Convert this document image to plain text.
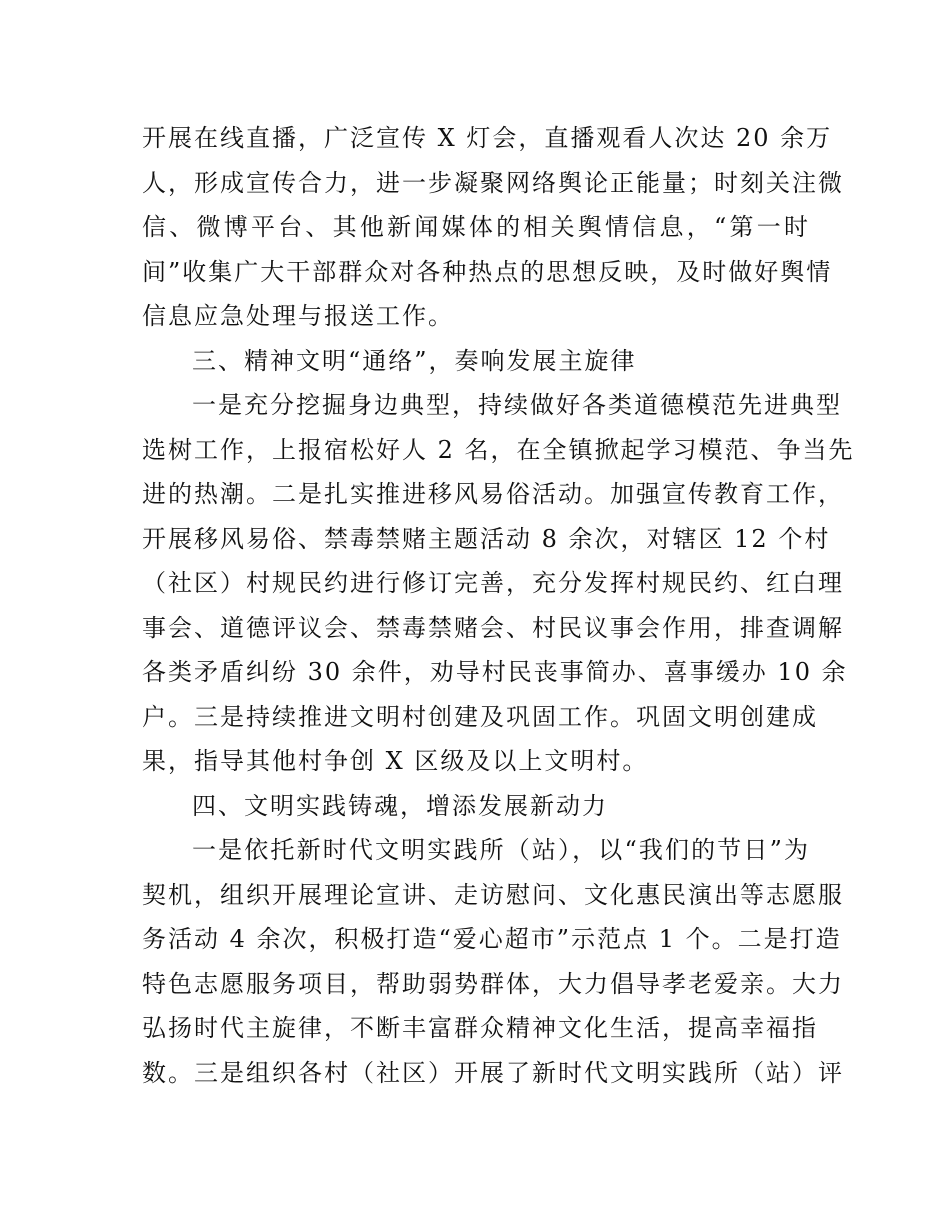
开展在线直播，广泛宣传 X 灯会，直播观看人次达 20 余万
人，形成宣传合力，进一步凝聚网络舆论正能量；时刻关注微
信、微博平台、其他新闻媒体的相关舆情信息，“第一时
间”收集广大干部群众对各种热点的思想反映，及时做好舆情
信息应急处理与报送工作。
三、精神文明“通络”，奏响发展主旋律
一是充分挖掘身边典型，持续做好各类道德模范先进典型
选树工作，上报宿松好人 2 名，在全镇掀起学习模范、争当先
进的热潮。二是扎实推进移风易俗活动。加强宣传教育工作，
开展移风易俗、禁毒禁赌主题活动 8 余次，对辖区 12 个村
（社区）村规民约进行修订完善，充分发挥村规民约、红白理
事会、道德评议会、禁毒禁赌会、村民议事会作用，排查调解
各类矛盾纠纷 30 余件，劝导村民丧事简办、喜事缓办 10 余
户。三是持续推进文明村创建及巩固工作。巩固文明创建成
果，指导其他村争创 X 区级及以上文明村。
四、文明实践铸魂，增添发展新动力
一是依托新时代文明实践所（站），以“我们的节日”为
契机，组织开展理论宣讲、走访慰问、文化惠民演出等志愿服
务活动 4 余次，积极打造“爱心超市”示范点 1 个。二是打造
特色志愿服务项目，帮助弱势群体，大力倡导孝老爱亲。大力
弘扬时代主旋律，不断丰富群众精神文化生活，提高幸福指
数。三是组织各村（社区）开展了新时代文明实践所（站）评
